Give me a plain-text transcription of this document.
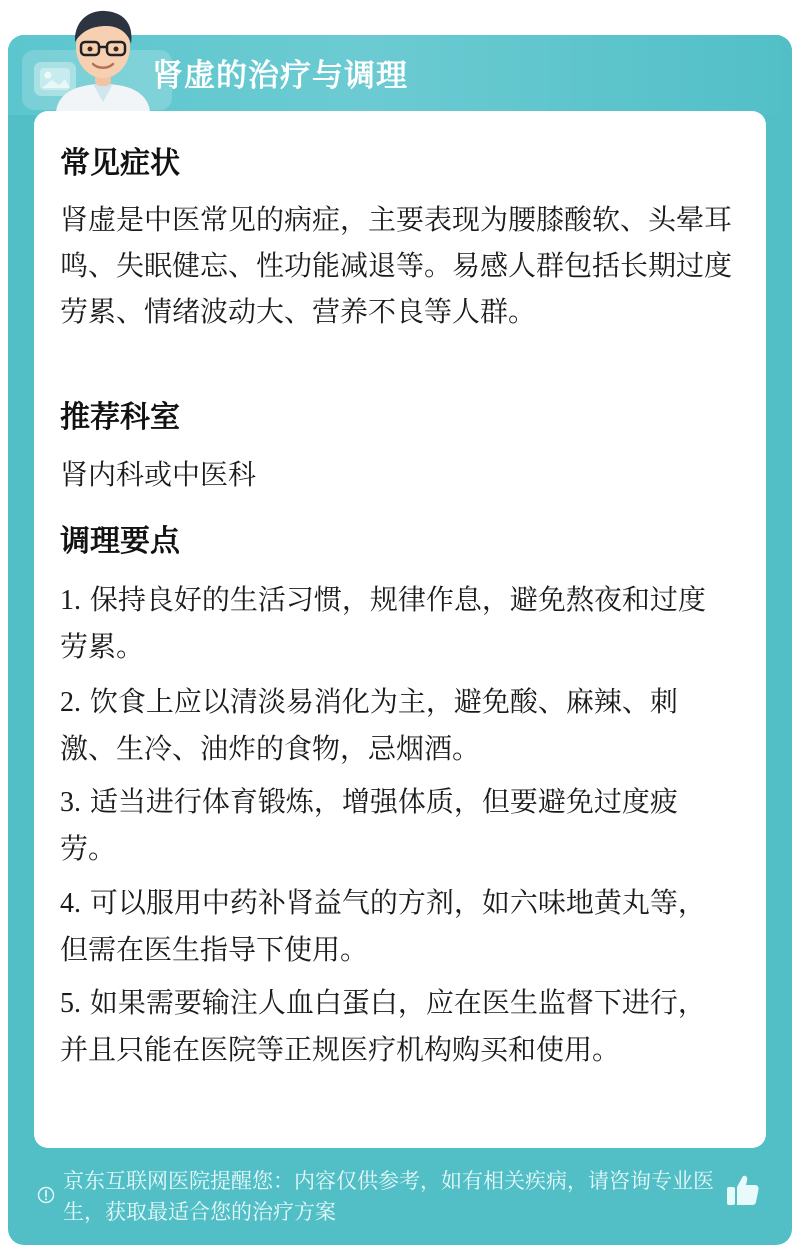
肾虚的治疗与调理
常见症状
肾虚是中医常见的病症，主要表现为腰膝酸软、头晕耳鸣、失眠健忘、性功能减退等。易感人群包括长期过度劳累、情绪波动大、营养不良等人群。
推荐科室
肾内科或中医科
调理要点
1. 保持良好的生活习惯，规律作息，避免熬夜和过度劳累。
2. 饮食上应以清淡易消化为主，避免酸、麻辣、刺激、生冷、油炸的食物，忌烟酒。
3. 适当进行体育锻炼，增强体质，但要避免过度疲劳。
4. 可以服用中药补肾益气的方剂，如六味地黄丸等，但需在医生指导下使用。
5. 如果需要输注人血白蛋白，应在医生监督下进行，并且只能在医院等正规医疗机构购买和使用。
京东互联网医院提醒您：内容仅供参考，如有相关疾病，请咨询专业医生，获取最适合您的治疗方案
